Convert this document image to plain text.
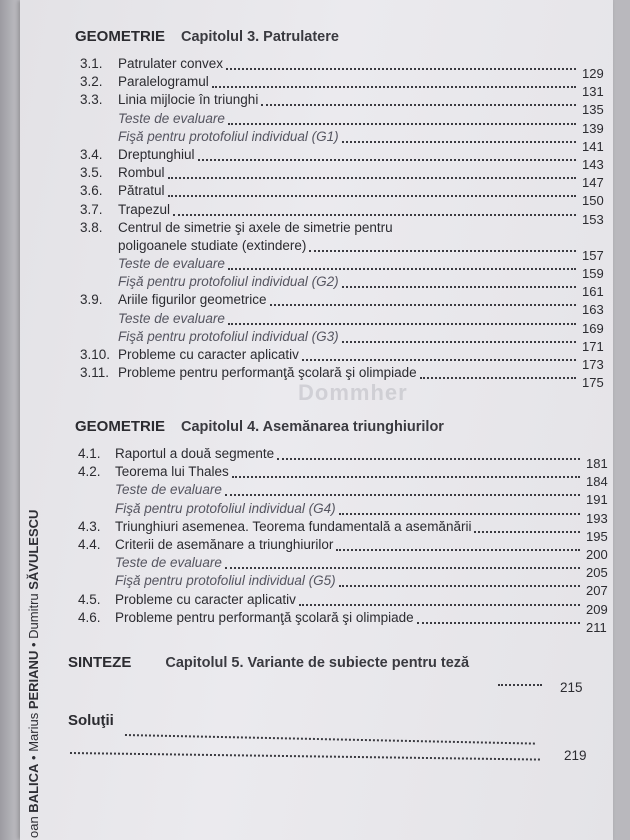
GEOMETRIE Capitolul 3. Patrulatere
3.1. Patrulater convex
129
3.2. Paralelogramul
131
3.3. Linia mijlocie în triunghi
135
Teste de evaluare
139
Fişă pentru protofoliul individual (G1)
141
3.4. Dreptunghiul
143
3.5. Rombul
147
3.6. Pătratul
150
3.7. Trapezul
153
3.8. Centrul de simetrie şi axele de simetrie pentru
poligoanele studiate (extindere)
157
Teste de evaluare
159
Fişă pentru protofoliul individual (G2)
161
3.9. Ariile figurilor geometrice
163
Teste de evaluare
169
Fişă pentru protofoliul individual (G3)
171
3.10. Probleme cu caracter aplicativ
173
3.11. Probleme pentru performanţă şcolară şi olimpiade
175
Dommher
GEOMETRIE Capitolul 4. Asemănarea triunghiurilor
4.1. Raportul a două segmente
181
4.2. Teorema lui Thales
184
Teste de evaluare
191
Fişă pentru protofoliul individual (G4)
193
4.3. Triunghiuri asemenea. Teorema fundamentală a asemănării
195
4.4. Criterii de asemănare a triunghiurilor
200
Teste de evaluare
205
Fişă pentru protofoliul individual (G5)
207
4.5. Probleme cu caracter aplicativ
209
4.6. Probleme pentru performanţă şcolară şi olimpiade
211
SINTEZE Capitolul 5. Variante de subiecte pentru teză
215
Soluţii
219
oan BALICA • Marius PERIANU • Dumitru SĂVULESCU
